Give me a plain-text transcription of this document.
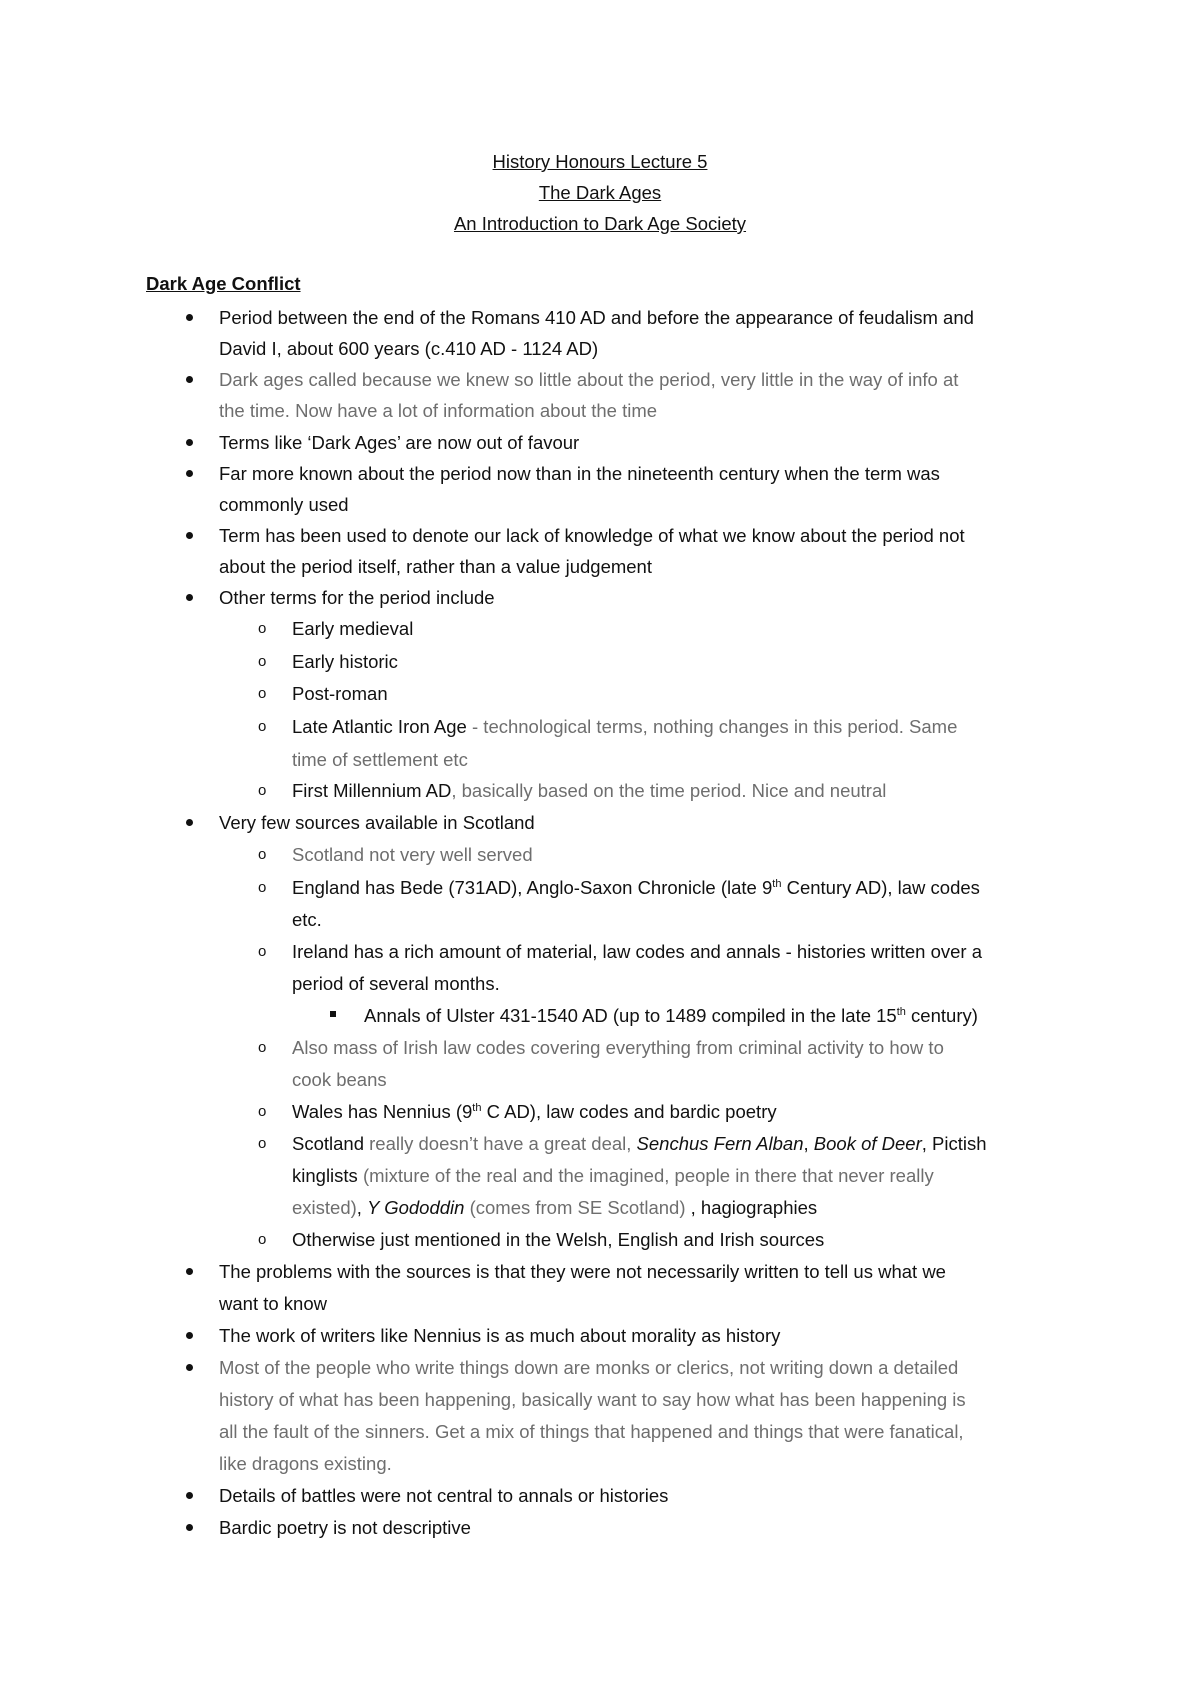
History Honours Lecture 5
The Dark Ages
An Introduction to Dark Age Society
Dark Age Conflict
Period between the end of the Romans 410 AD and before the appearance of feudalism and
David I, about 600 years (c.410 AD - 1124 AD)
Dark ages called because we knew so little about the period, very little in the way of info at
the time. Now have a lot of information about the time
Terms like ‘Dark Ages’ are now out of favour
Far more known about the period now than in the nineteenth century when the term was
commonly used
Term has been used to denote our lack of knowledge of what we know about the period not
about the period itself, rather than a value judgement
Other terms for the period include
o Early medieval
o Early historic
o Post-roman
o Late Atlantic Iron Age - technological terms, nothing changes in this period. Same
time of settlement etc
o First Millennium AD, basically based on the time period. Nice and neutral
Very few sources available in Scotland
o Scotland not very well served
o England has Bede (731AD), Anglo-Saxon Chronicle (late 9th Century AD), law codes
etc.
o Ireland has a rich amount of material, law codes and annals - histories written over a
period of several months.
Annals of Ulster 431-1540 AD (up to 1489 compiled in the late 15th century)
o Also mass of Irish law codes covering everything from criminal activity to how to
cook beans
o Wales has Nennius (9th C AD), law codes and bardic poetry
o Scotland really doesn’t have a great deal, Senchus Fern Alban, Book of Deer, Pictish
kinglists (mixture of the real and the imagined, people in there that never really
existed), Y Gododdin (comes from SE Scotland) , hagiographies
o Otherwise just mentioned in the Welsh, English and Irish sources
The problems with the sources is that they were not necessarily written to tell us what we
want to know
The work of writers like Nennius is as much about morality as history
Most of the people who write things down are monks or clerics, not writing down a detailed
history of what has been happening, basically want to say how what has been happening is
all the fault of the sinners. Get a mix of things that happened and things that were fanatical,
like dragons existing.
Details of battles were not central to annals or histories
Bardic poetry is not descriptive
